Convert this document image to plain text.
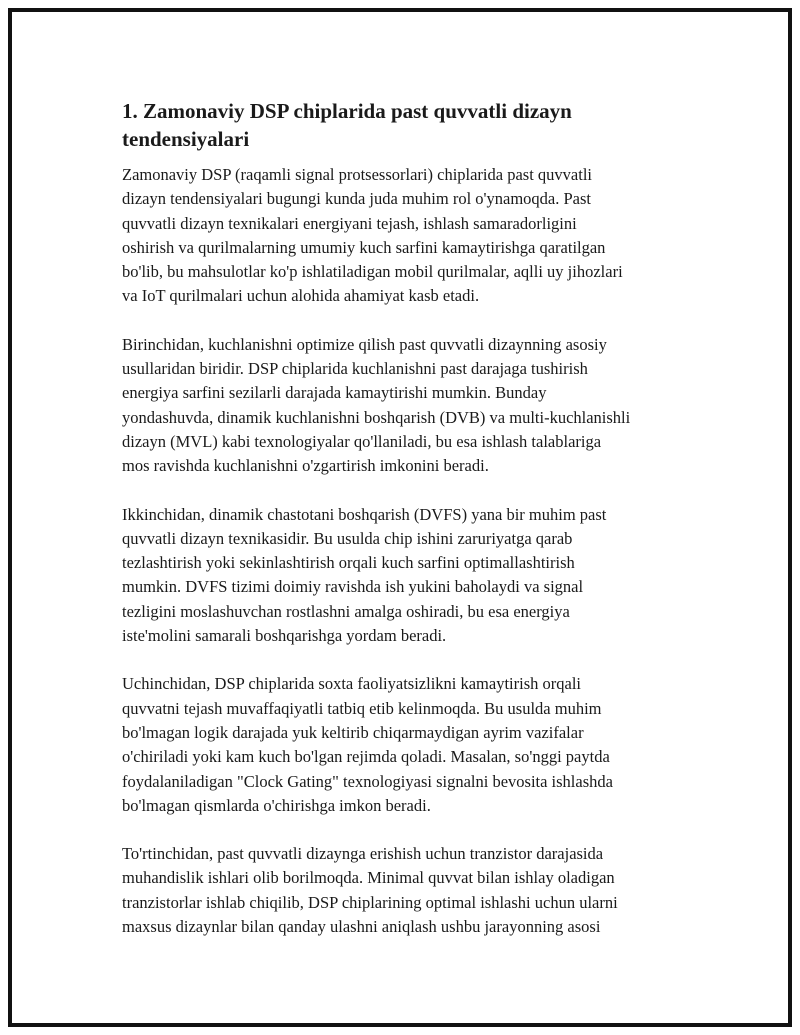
1. Zamonaviy DSP chiplarida past quvvatli dizayn tendensiyalari

Zamonaviy DSP (raqamli signal protsessorlari) chiplarida past quvvatli
dizayn tendensiyalari bugungi kunda juda muhim rol o'ynamoqda. Past
quvvatli dizayn texnikalari energiyani tejash, ishlash samaradorligini
oshirish va qurilmalarning umumiy kuch sarfini kamaytirishga qaratilgan
bo'lib, bu mahsulotlar ko'p ishlatiladigan mobil qurilmalar, aqlli uy jihozlari
va IoT qurilmalari uchun alohida ahamiyat kasb etadi.

Birinchidan, kuchlanishni optimize qilish past quvvatli dizaynning asosiy
usullaridan biridir. DSP chiplarida kuchlanishni past darajaga tushirish
energiya sarfini sezilarli darajada kamaytirishi mumkin. Bunday
yondashuvda, dinamik kuchlanishni boshqarish (DVB) va multi-kuchlanishli
dizayn (MVL) kabi texnologiyalar qo'llaniladi, bu esa ishlash talablariga
mos ravishda kuchlanishni o'zgartirish imkonini beradi.

Ikkinchidan, dinamik chastotani boshqarish (DVFS) yana bir muhim past
quvvatli dizayn texnikasidir. Bu usulda chip ishini zaruriyatga qarab
tezlashtirish yoki sekinlashtirish orqali kuch sarfini optimallashtirish
mumkin. DVFS tizimi doimiy ravishda ish yukini baholaydi va signal
tezligini moslashuvchan rostlashni amalga oshiradi, bu esa energiya
iste'molini samarali boshqarishga yordam beradi.

Uchinchidan, DSP chiplarida soxta faoliyatsizlikni kamaytirish orqali
quvvatni tejash muvaffaqiyatli tatbiq etib kelinmoqda. Bu usulda muhim
bo'lmagan logik darajada yuk keltirib chiqarmaydigan ayrim vazifalar
o'chiriladi yoki kam kuch bo'lgan rejimda qoladi. Masalan, so'nggi paytda
foydalaniladigan "Clock Gating" texnologiyasi signalni bevosita ishlashda
bo'lmagan qismlarda o'chirishga imkon beradi.

To'rtinchidan, past quvvatli dizaynga erishish uchun tranzistor darajasida
muhandislik ishlari olib borilmoqda. Minimal quvvat bilan ishlay oladigan
tranzistorlar ishlab chiqilib, DSP chiplarining optimal ishlashi uchun ularni
maxsus dizaynlar bilan qanday ulashni aniqlash ushbu jarayonning asosi
